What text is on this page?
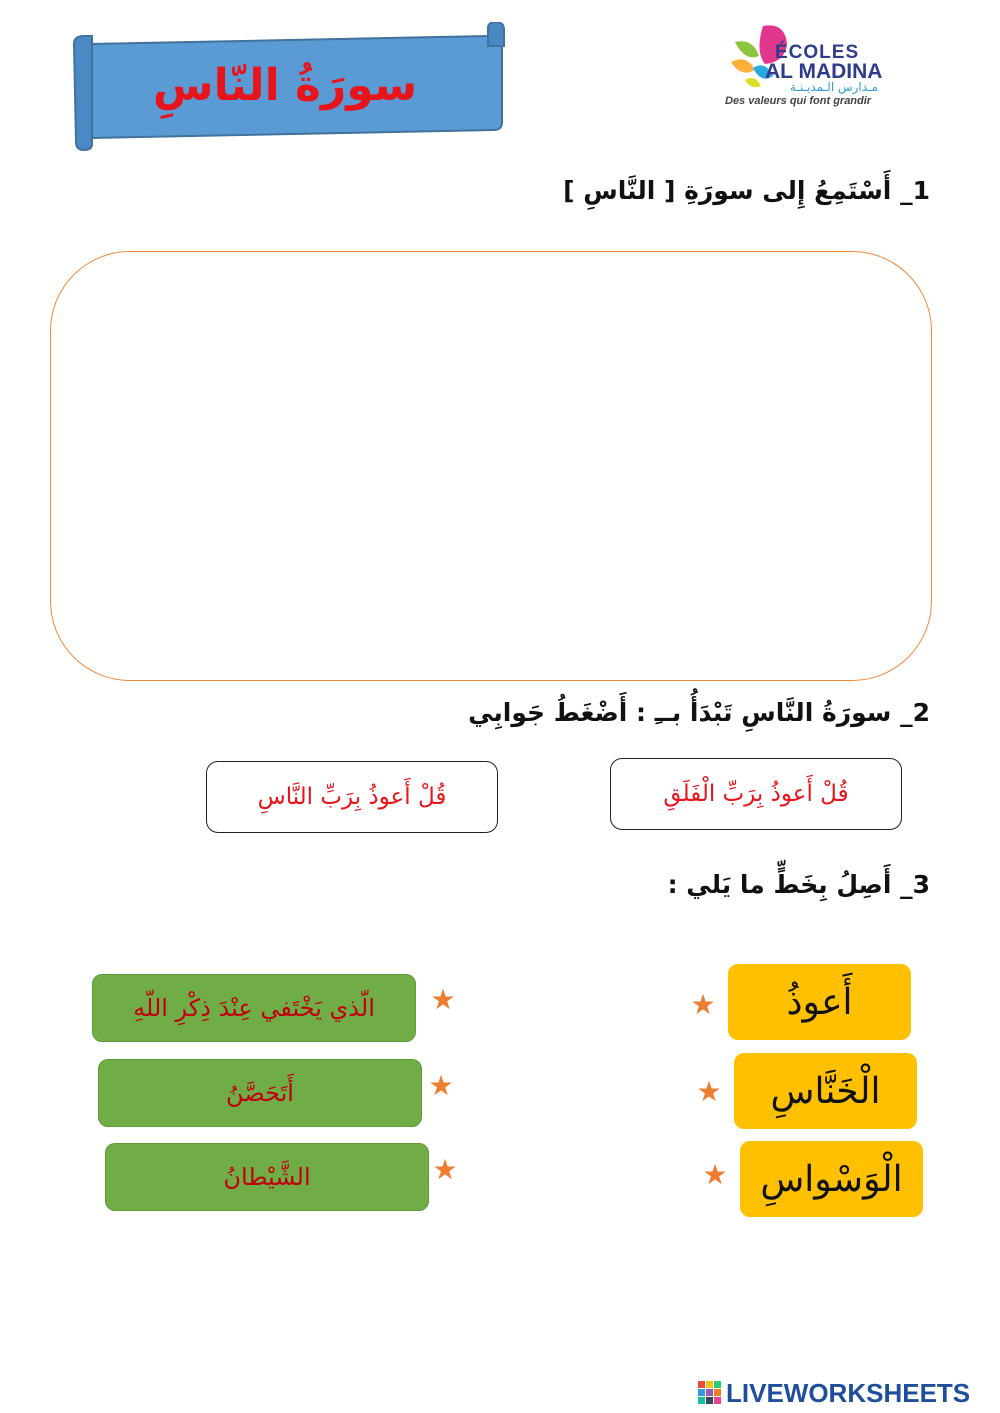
سورَةُ النّاسِ
ÉCOLES
AL MADINA
مـدارس الـمديـنـة
Des valeurs qui font grandir
1_ أَسْتَمِعُ إِلى سورَةِ [ النَّاسِ ]
2_ سورَةُ النَّاسِ تَبْدَأُ بــِ : أَضْغَطُ جَوابِي
قُلْ أَعوذُ بِرَبِّ الْفَلَقِ
قُلْ أَعوذُ بِرَبِّ النَّاسِ
3_ أَصِلُ بِخَطٍّ ما يَلي :
أَعوذُ
الْخَنَّاسِ
الْوَسْواسِ
★
★
★
الّذي يَخْتَفي عِنْدَ ذِكْرِ اللّهِ
أَتَحَصَّنُ
الشَّيْطانُ
★
★
★
LIVEWORKSHEETS
